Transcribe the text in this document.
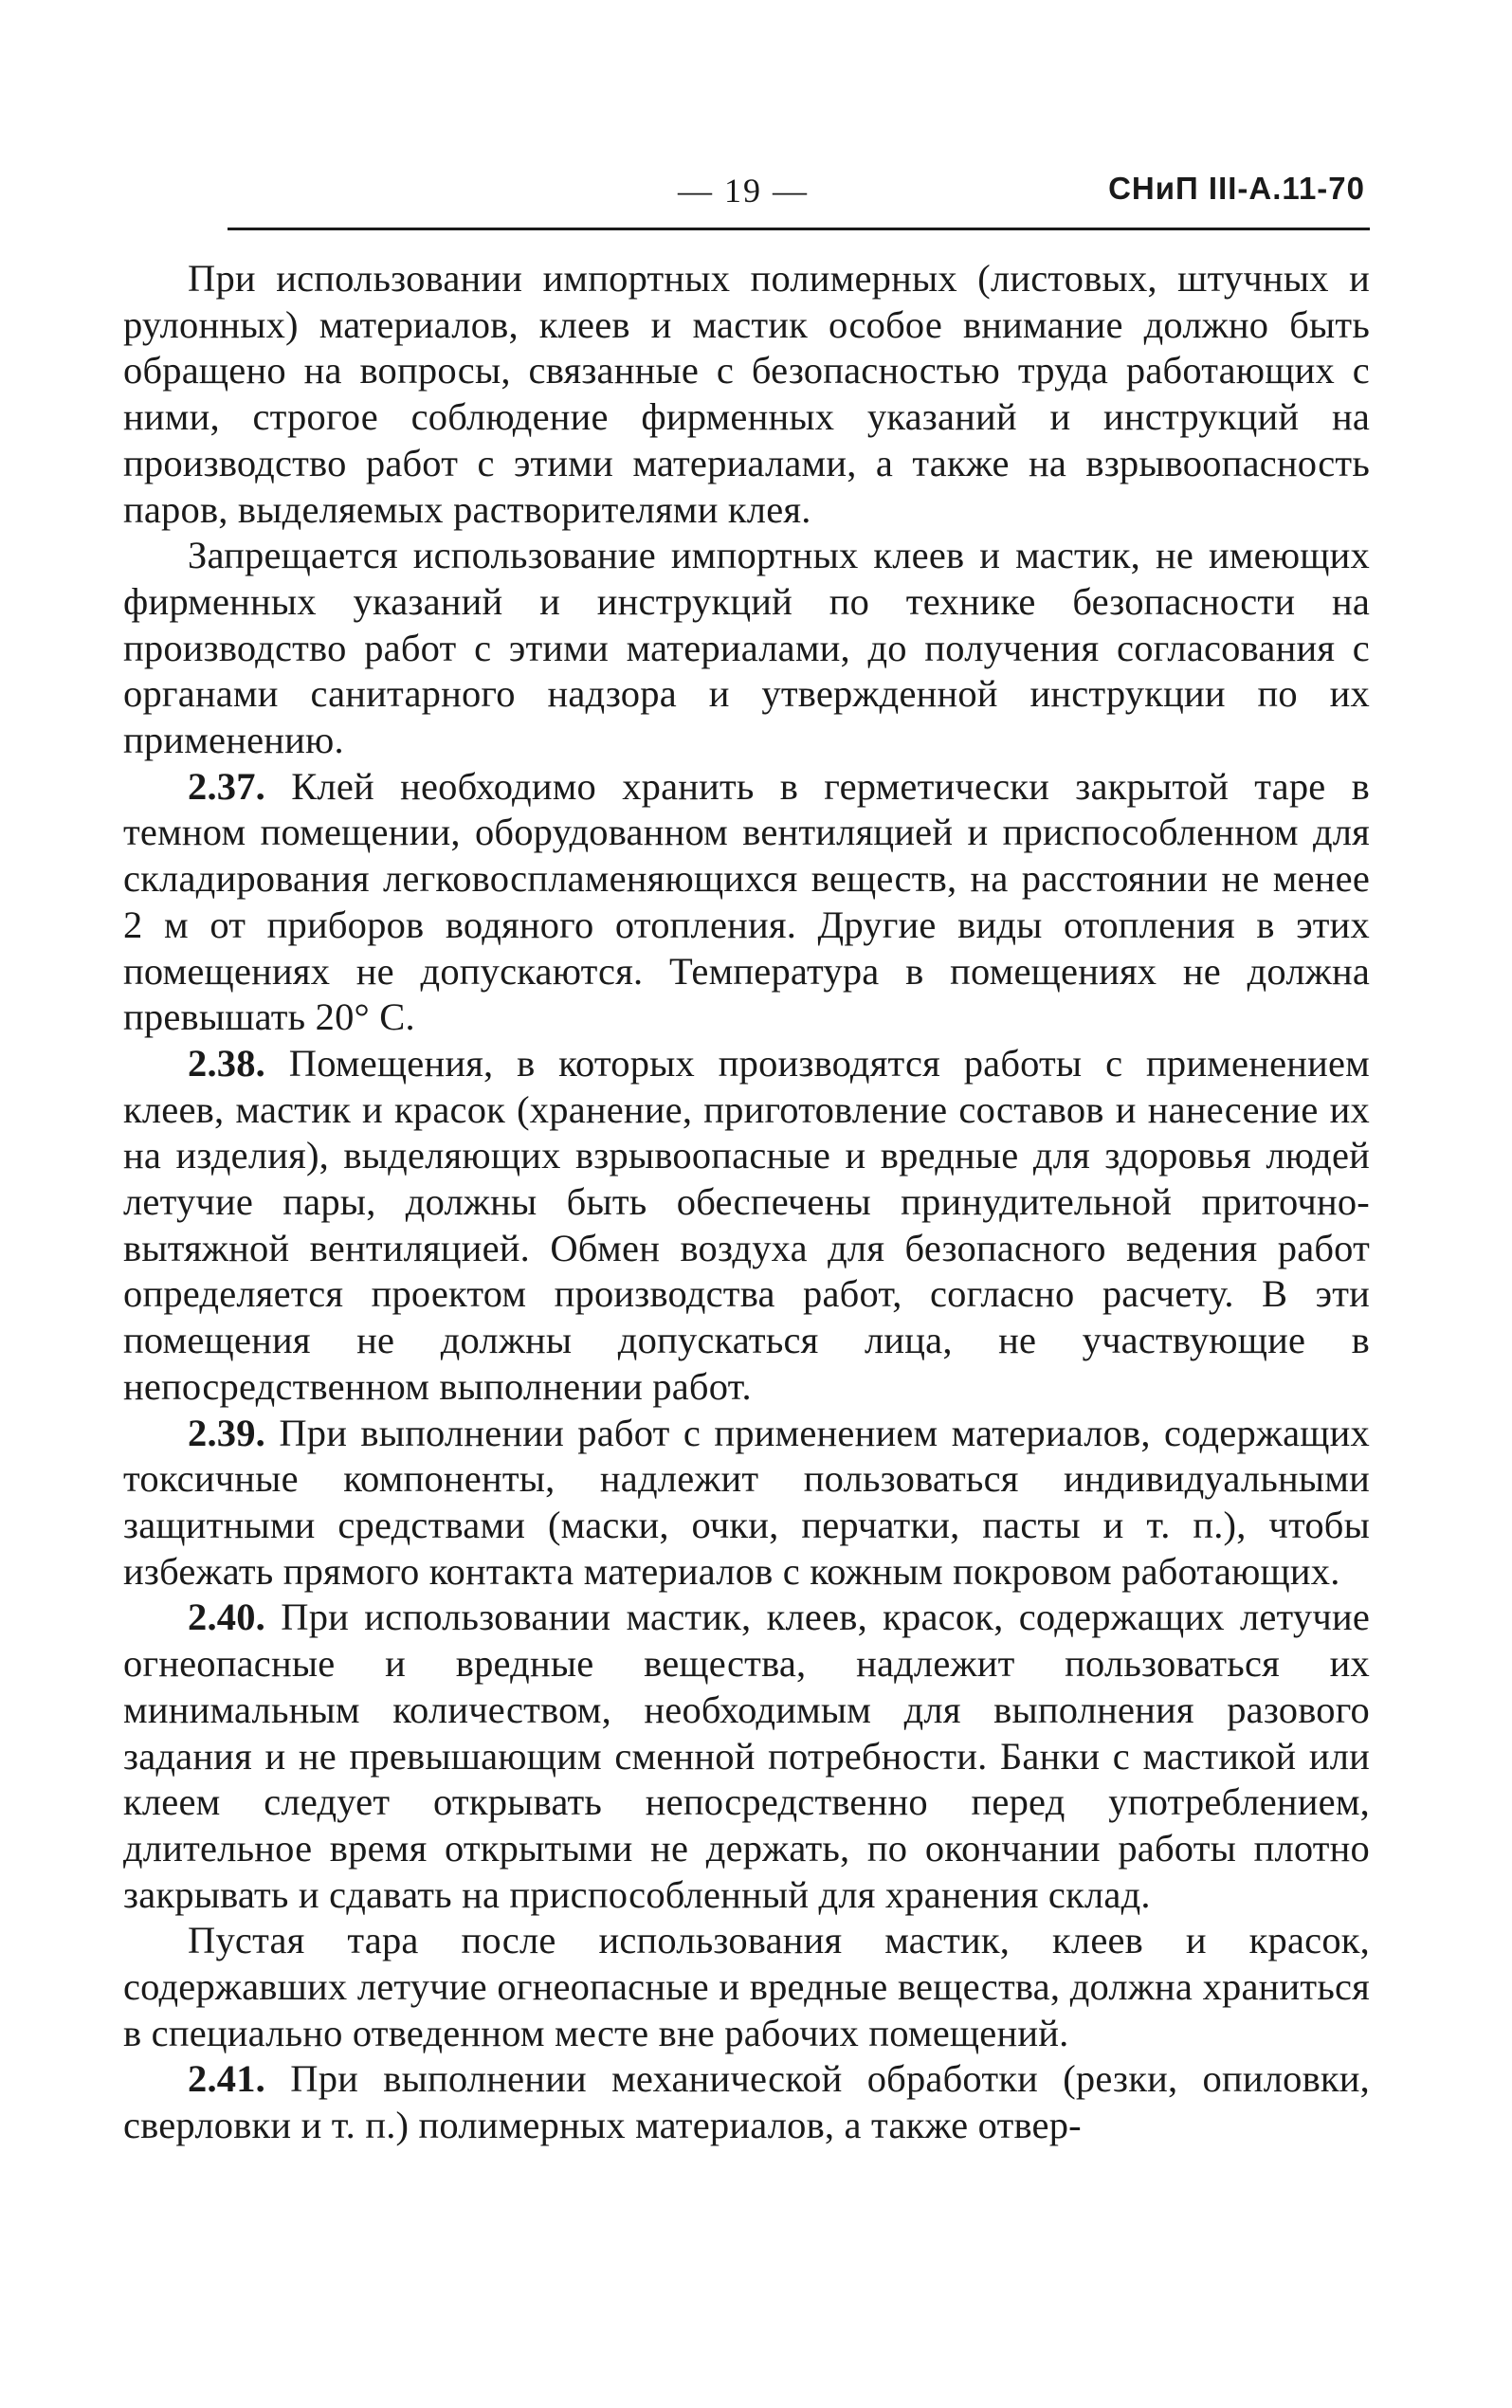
— 19 —	СНиП III-А.11-70

При использовании импортных полимерных (листовых, штучных и рулонных) материалов, клеев и мастик особое внимание должно быть обращено на вопросы, связанные с безопасностью труда работающих с ними, строгое соблюдение фирменных указаний и инструкций на производство работ с этими материалами, а также на взрывоопасность паров, выделяемых растворителями клея.

Запрещается использование импортных клеев и мастик, не имеющих фирменных указаний и инструкций по технике безопасности на производство работ с этими материалами, до получения согласования с органами санитарного надзора и утвержденной инструкции по их применению.

2.37. Клей необходимо хранить в герметически закрытой таре в темном помещении, оборудованном вентиляцией и приспособленном для складирования легковоспламеняющихся веществ, на расстоянии не менее 2 м от приборов водяного отопления. Другие виды отопления в этих помещениях не допускаются. Температура в помещениях не должна превышать 20° С.

2.38. Помещения, в которых производятся работы с применением клеев, мастик и красок (хранение, приготовление составов и нанесение их на изделия), выделяющих взрывоопасные и вредные для здоровья людей летучие пары, должны быть обеспечены принудительной приточно-вытяжной вентиляцией. Обмен воздуха для безопасного ведения работ определяется проектом производства работ, согласно расчету. В эти помещения не должны допускаться лица, не участвующие в непосредственном выполнении работ.

2.39. При выполнении работ с применением материалов, содержащих токсичные компоненты, надлежит пользоваться индивидуальными защитными средствами (маски, очки, перчатки, пасты и т. п.), чтобы избежать прямого контакта материалов с кожным покровом работающих.

2.40. При использовании мастик, клеев, красок, содержащих летучие огнеопасные и вредные вещества, надлежит пользоваться их минимальным количеством, необходимым для выполнения разового задания и не превышающим сменной потребности. Банки с мастикой или клеем следует открывать непосредственно перед употреблением, длительное время открытыми не держать, по окончании работы плотно закрывать и сдавать на приспособленный для хранения склад.

Пустая тара после использования мастик, клеев и красок, содержавших летучие огнеопасные и вредные вещества, должна храниться в специально отведенном месте вне рабочих помещений.

2.41. При выполнении механической обработки (резки, опиловки, сверловки и т. п.) полимерных материалов, а также отвер-
